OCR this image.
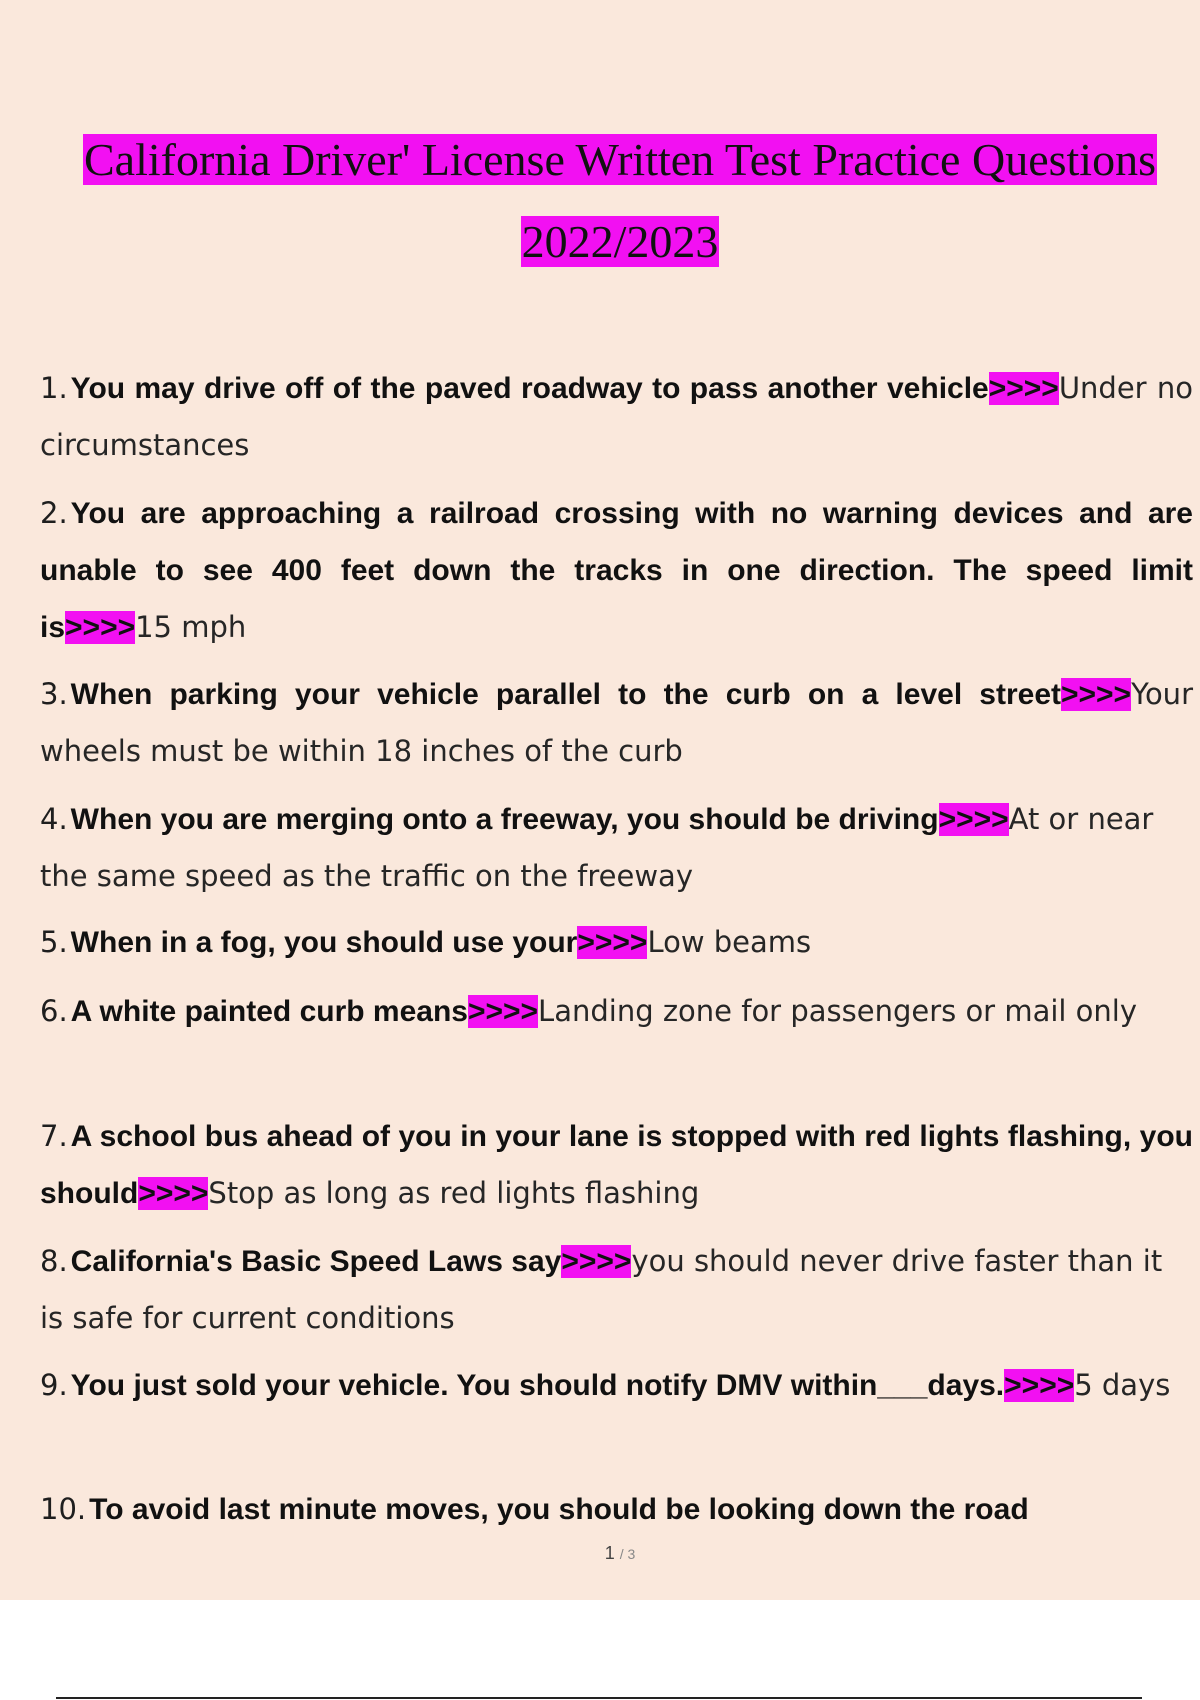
California Driver' License Written Test Practice Questions
2022/2023
1. You may drive off of the paved roadway to pass another vehicle>>>>Under no circumstances
2. You are approaching a railroad crossing with no warning devices and are unable to see 400 feet down the tracks in one direction. The speed limit is>>>>15 mph
3. When parking your vehicle parallel to the curb on a level street>>>>Your wheels must be within 18 inches of the curb
4. When you are merging onto a freeway, you should be driving>>>>At or near the same speed as the traffic on the freeway
5. When in a fog, you should use your>>>>Low beams
6. A white painted curb means>>>>Landing zone for passengers or mail only
7. A school bus ahead of you in your lane is stopped with red lights flashing, you should>>>>Stop as long as red lights flashing
8. California's Basic Speed Laws say>>>>you should never drive faster than it is safe for current conditions
9. You just sold your vehicle. You should notify DMV within___days.>>>>5 days
10. To avoid last minute moves, you should be looking down the road
1 / 3
